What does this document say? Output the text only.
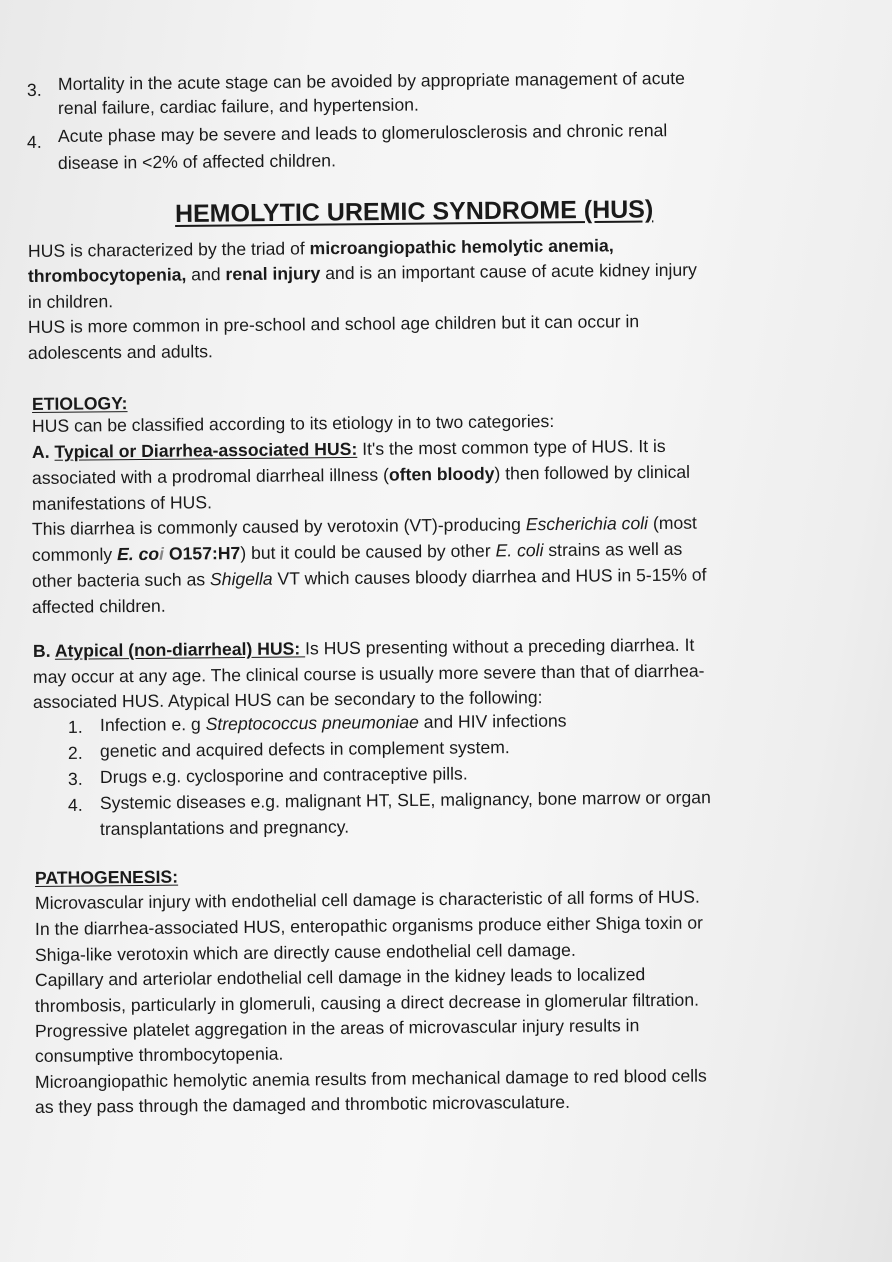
3. Mortality in the acute stage can be avoided by appropriate management of acute
renal failure, cardiac failure, and hypertension.
4. Acute phase may be severe and leads to glomerulosclerosis and chronic renal
disease in <2% of affected children.
HEMOLYTIC UREMIC SYNDROME (HUS)
HUS is characterized by the triad of microangiopathic hemolytic anemia,
thrombocytopenia, and renal injury and is an important cause of acute kidney injury
in children.
HUS is more common in pre-school and school age children but it can occur in
adolescents and adults.
ETIOLOGY:
HUS can be classified according to its etiology in to two categories:
A. Typical or Diarrhea-associated HUS: It's the most common type of HUS. It is
associated with a prodromal diarrheal illness (often bloody) then followed by clinical
manifestations of HUS.
This diarrhea is commonly caused by verotoxin (VT)-producing Escherichia coli (most
commonly E. coi O157:H7) but it could be caused by other E. coli strains as well as
other bacteria such as Shigella VT which causes bloody diarrhea and HUS in 5-15% of
affected children.
B. Atypical (non-diarrheal) HUS: Is HUS presenting without a preceding diarrhea. It
may occur at any age. The clinical course is usually more severe than that of diarrhea-
associated HUS. Atypical HUS can be secondary to the following:
1. Infection e. g Streptococcus pneumoniae and HIV infections
2. genetic and acquired defects in complement system.
3. Drugs e.g. cyclosporine and contraceptive pills.
4. Systemic diseases e.g. malignant HT, SLE, malignancy, bone marrow or organ
transplantations and pregnancy.
PATHOGENESIS:
Microvascular injury with endothelial cell damage is characteristic of all forms of HUS.
In the diarrhea-associated HUS, enteropathic organisms produce either Shiga toxin or
Shiga-like verotoxin which are directly cause endothelial cell damage.
Capillary and arteriolar endothelial cell damage in the kidney leads to localized
thrombosis, particularly in glomeruli, causing a direct decrease in glomerular filtration.
Progressive platelet aggregation in the areas of microvascular injury results in
consumptive thrombocytopenia.
Microangiopathic hemolytic anemia results from mechanical damage to red blood cells
as they pass through the damaged and thrombotic microvasculature.
